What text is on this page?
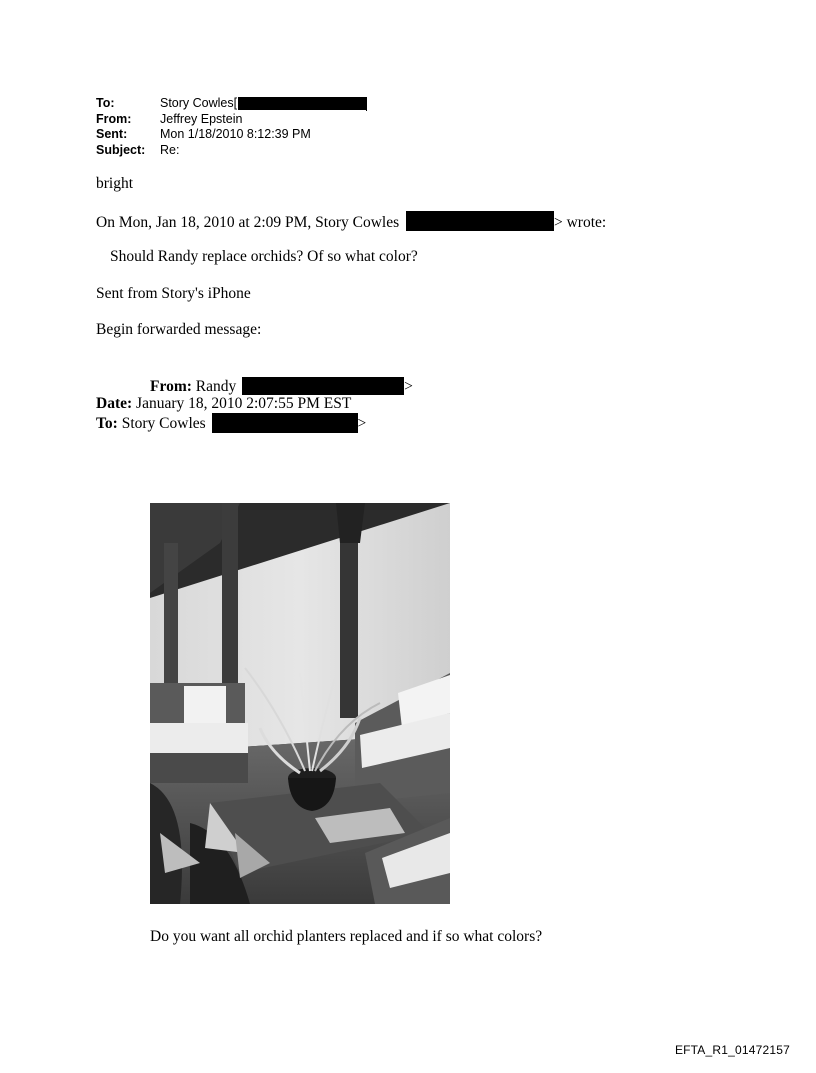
To:	Story Cowles[
From:	Jeffrey Epstein
Sent:	Mon 1/18/2010 8:12:39 PM
Subject:	Re:
bright
On Mon, Jan 18, 2010 at 2:09 PM, Story Cowles	> wrote:
Should Randy replace orchids? Of so what color?
Sent from Story's iPhone
Begin forwarded message:
From: Randy	>
Date: January 18, 2010 2:07:55 PM EST
To: Story Cowles	>
Do you want all orchid planters replaced and if so what colors?
EFTA_R1_01472157
